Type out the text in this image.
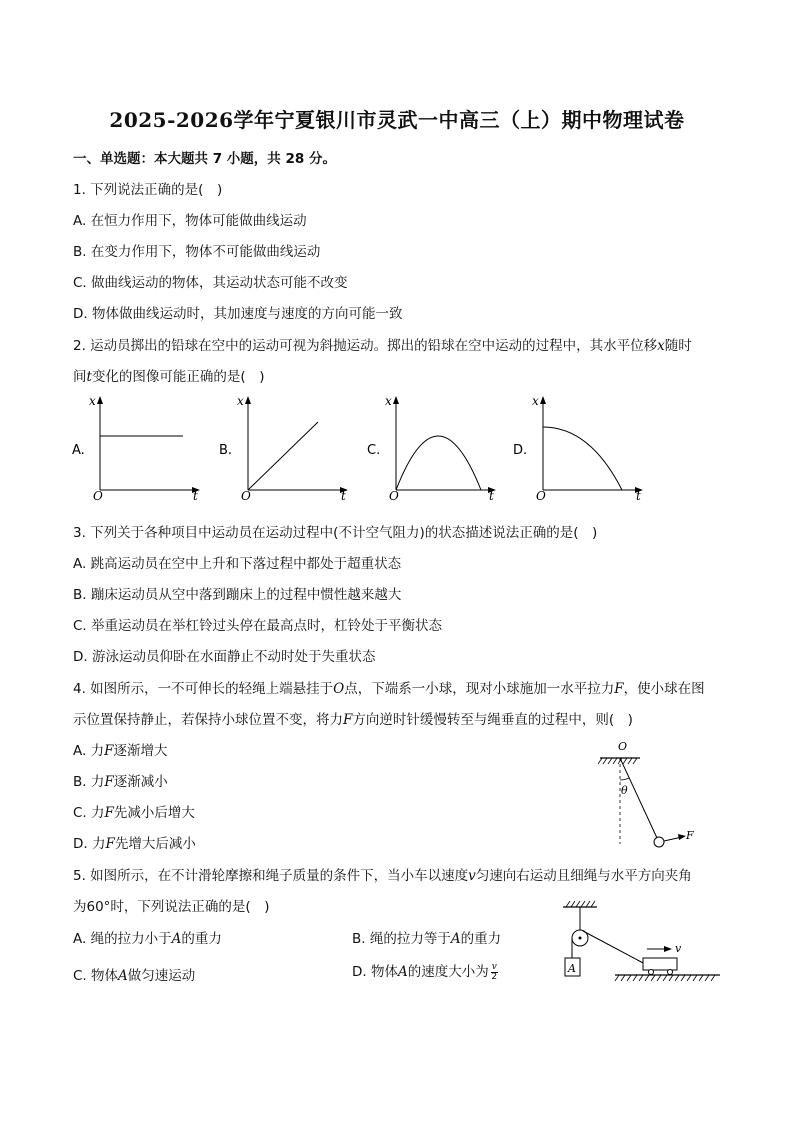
2025-2026学年宁夏银川市灵武一中高三（上）期中物理试卷
一、单选题：本大题共 7 小题，共 28 分。
1. 下列说法正确的是(　)
A. 在恒力作用下，物体可能做曲线运动
B. 在变力作用下，物体不可能做曲线运动
C. 做曲线运动的物体，其运动状态可能不改变
D. 物体做曲线运动时，其加速度与速度的方向可能一致
2. 运动员掷出的铅球在空中的运动可视为斜抛运动。掷出的铅球在空中运动的过程中，其水平位移x随时
间t变化的图像可能正确的是(　)
A.
x
O	t
B.
x
O	t
C.
x
O	t
D.
x
O	t
3. 下列关于各种项目中运动员在运动过程中(不计空气阻力)的状态描述说法正确的是(　)
A. 跳高运动员在空中上升和下落过程中都处于超重状态
B. 蹦床运动员从空中落到蹦床上的过程中惯性越来越大
C. 举重运动员在举杠铃过头停在最高点时，杠铃处于平衡状态
D. 游泳运动员仰卧在水面静止不动时处于失重状态
4. 如图所示，一不可伸长的轻绳上端悬挂于O点，下端系一小球，现对小球施加一水平拉力F，使小球在图
示位置保持静止，若保持小球位置不变，将力F方向逆时针缓慢转至与绳垂直的过程中，则(　)
A. 力F逐渐增大
B. 力F逐渐减小
C. 力F先减小后增大
D. 力F先增大后减小
O
θ
F
5. 如图所示，在不计滑轮摩擦和绳子质量的条件下，当小车以速度v匀速向右运动且细绳与水平方向夹角
为60°时，下列说法正确的是(　)
A. 绳的拉力小于A的重力	B. 绳的拉力等于A的重力
C. 物体A做匀速运动	D. 物体A的速度大小为 $\frac{v}{2}$	A
v
